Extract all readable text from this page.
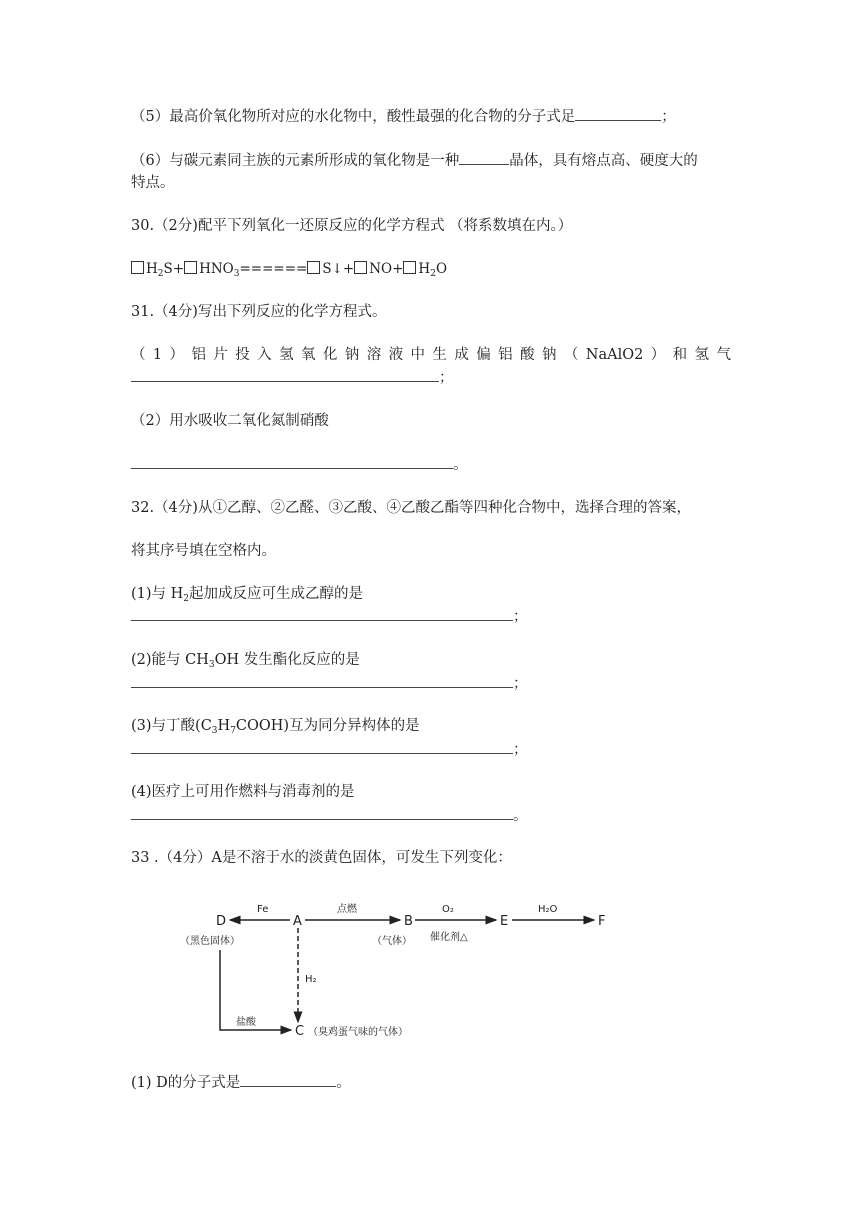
（5）最高价氧化物所对应的水化物中，酸性最强的化合物的分子式足	；
（6）与碳元素同主族的元素所形成的氧化物是一种	晶体，具有熔点高、硬度大的
特点。
30.（2分)配平下列氧化一还原反应的化学方程式 （将系数填在内。）
$H_2S+ HNO_3======$ S↓+ $NO+ H_2O$
31.（4分)写出下列反应的化学方程式。
（ 1 ） 铝 片 投 入 氢 氧 化 钠 溶 液 中 生 成 偏 铝 酸 钠 （ NaAlO2 ） 和 氢 气
；
（2）用水吸收二氧化氮制硝酸
。
32.（4分)从①乙醇、②乙醛、③乙酸、④乙酸乙酯等四种化合物中，选择合理的答案，
将其序号填在空格内。
(1)与 $H_2$起加成反应可生成乙醇的是
；
(2)能与 $CH_3OH$ 发生酯化反应的是
；
(3)与丁酸$(C_3H_7COOH)$互为同分异构体的是
；
(4)医疗上可用作燃料与消毒剂的是
。
33 .（4分）A是不溶于水的淡黄色固体，可发生下列变化：
D	A	B	E	F
C
Fe	点燃	O₂	H₂O
（黑色固体）	（气体） 催化剂△
H₂
盐酸
（臭鸡蛋气味的气体）
(1) D的分子式是	。
